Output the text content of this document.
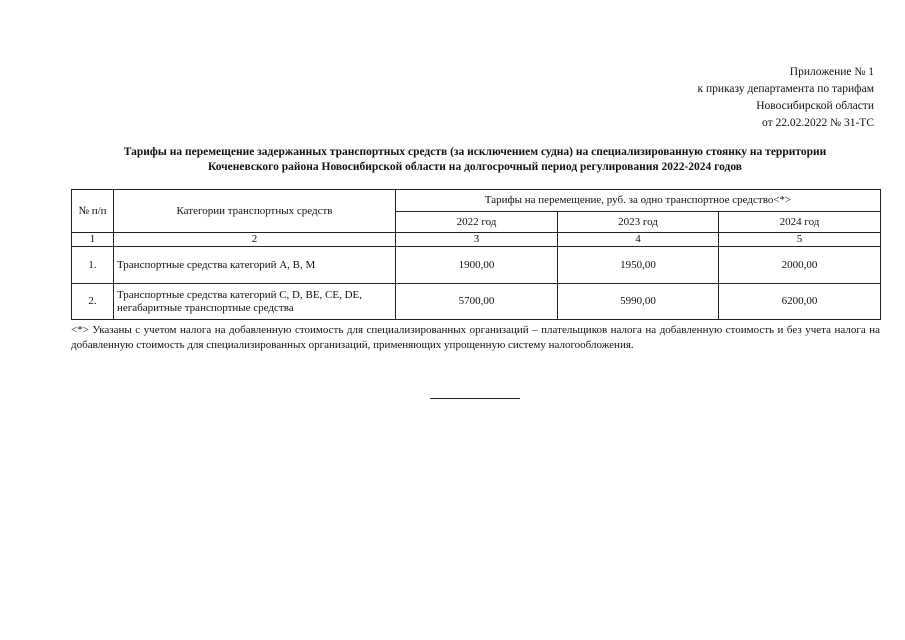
Приложение № 1
к приказу департамента по тарифам
Новосибирской области
от 22.02.2022 № 31-ТС
Тарифы на перемещение задержанных транспортных средств (за исключением судна) на специализированную стоянку на территории
Коченевского района Новосибирской области на долгосрочный период регулирования 2022-2024 годов
№ п/п	Категории транспортных средств	Тарифы на перемещение, руб. за одно транспортное средство<*>		
		2022 год	2023 год	2024 год
1	2	3	4	5
1.	Транспортные средства категорий A, B, M	1900,00	1950,00	2000,00
2.	Транспортные средства категорий C, D, BE, CE, DE, негабаритные транспортные средства	5700,00	5990,00	6200,00
<*> Указаны с учетом налога на добавленную стоимость для специализированных организаций – плательщиков налога на добавленную стоимость и без учета налога на добавленную стоимость для специализированных организаций, применяющих упрощенную систему налогообложения.
